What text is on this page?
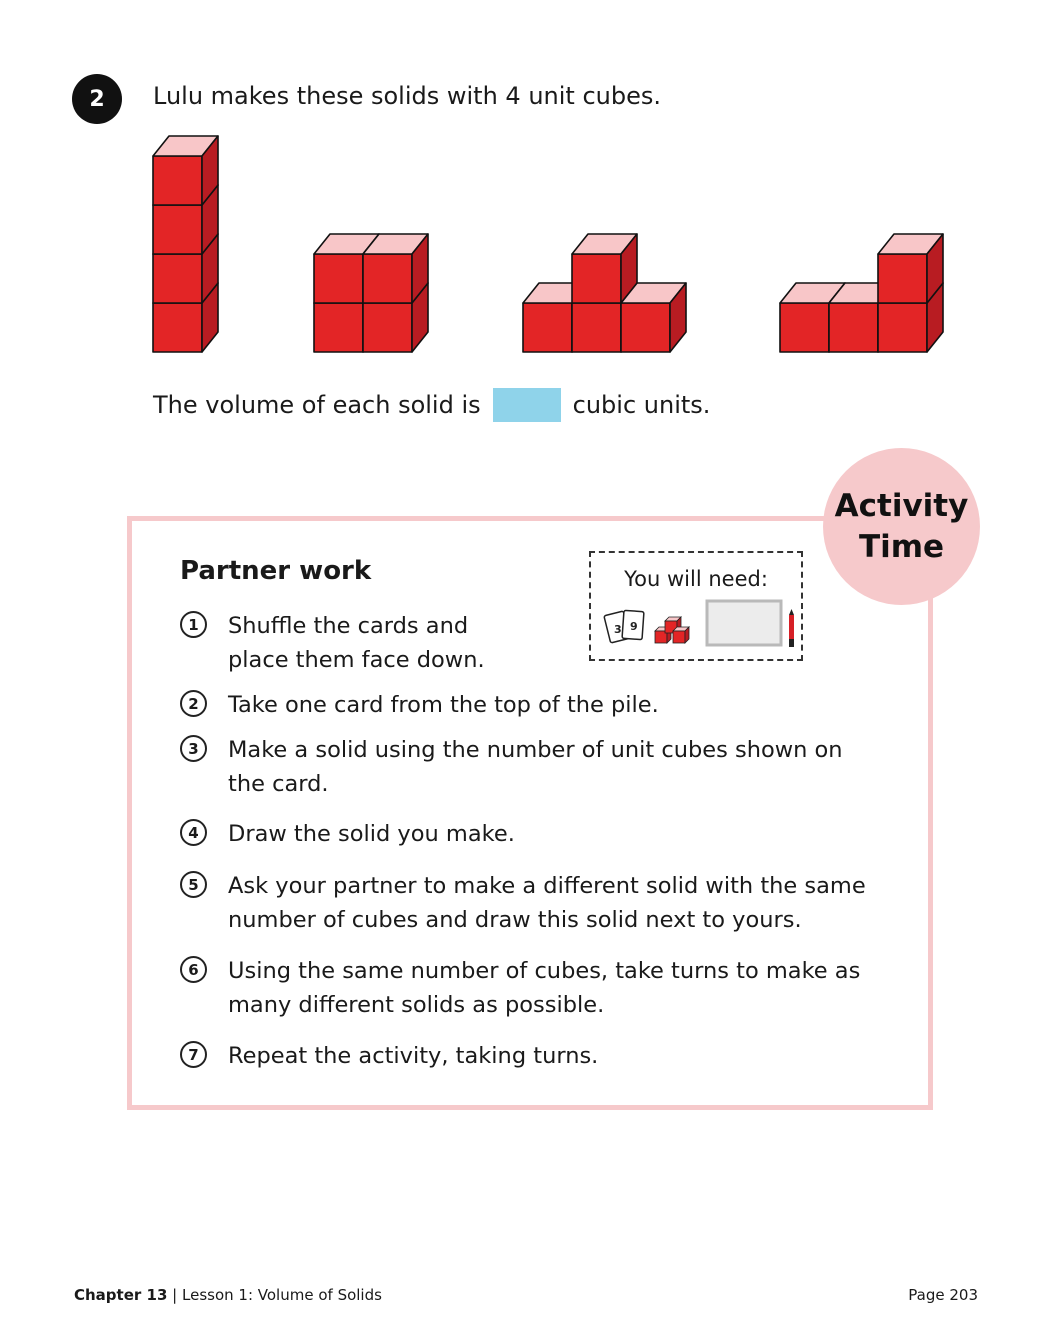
2	Lulu makes these solids with 4 unit cubes.
The volume of each solid is	cubic units.
Activity
Time
Partner work	You will need:
3 9
1	Shuffle the cards and
place them face down.
2	Take one card from the top of the pile.
3	Make a solid using the number of unit cubes shown on
the card.
4	Draw the solid you make.
5	Ask your partner to make a different solid with the same
number of cubes and draw this solid next to yours.
6	Using the same number of cubes, take turns to make as
many different solids as possible.
7	Repeat the activity, taking turns.
Chapter 13 | Lesson 1: Volume of Solids	Page 203
